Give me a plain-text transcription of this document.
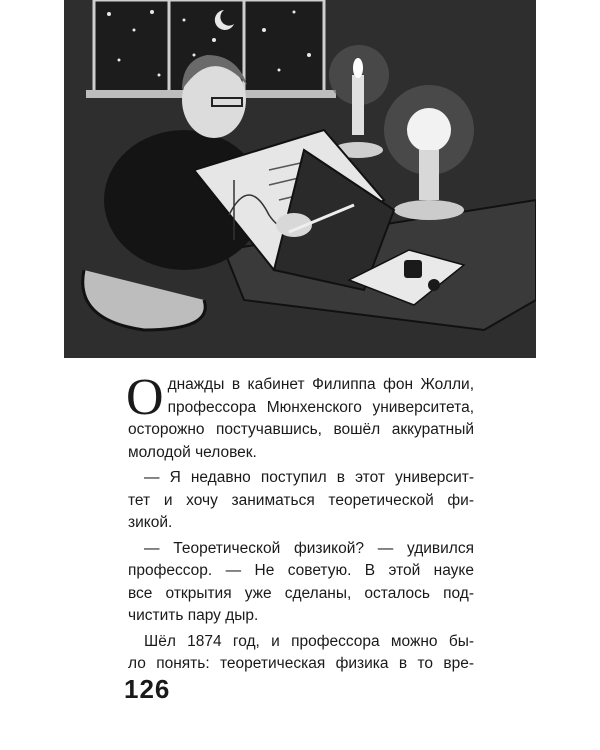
О днажды в кабинет Филиппа фон Жолли,
профессора Мюнхенского университета,
осторожно постучавшись, вошёл аккуратный
молодой человек.

— Я недавно поступил в этот университ-
тет и хочу заниматься теоретической фи-
зикой.

— Теоретической физикой? — удивился
профессор. — Не советую. В этой науке
все открытия уже сделаны, осталось под-
чистить пару дыр.

Шёл 1874 год, и профессора можно бы-
ло понять: теоретическая физика в то вре-

126
